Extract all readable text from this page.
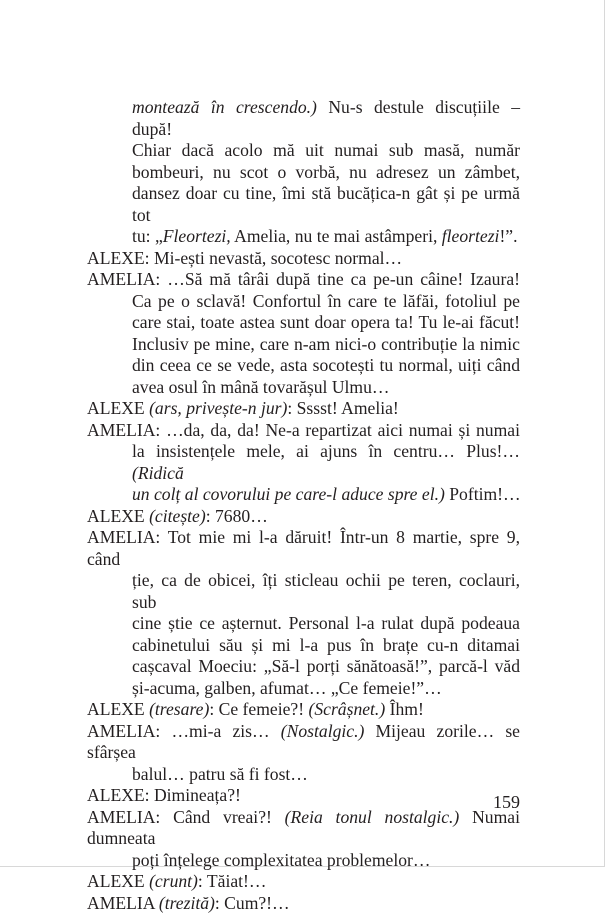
montează în crescendo.) Nu-s destule discuțiile – după!
Chiar dacă acolo mă uit numai sub masă, număr
bombeuri, nu scot o vorbă, nu adresez un zâmbet,
dansez doar cu tine, îmi stă bucățica-n gât și pe urmă tot
tu: „Fleortezi, Amelia, nu te mai astâmperi, fleortezi!”.
ALEXE: Mi-ești nevastă, socotesc normal…
AMELIA: …Să mă târâi după tine ca pe-un câine! Izaura!
Ca pe o sclavă! Confortul în care te lăfăi, fotoliul pe
care stai, toate astea sunt doar opera ta! Tu le-ai făcut!
Inclusiv pe mine, care n-am nici-o contribuție la nimic
din ceea ce se vede, asta socotești tu normal, uiți când
avea osul în mână tovarășul Ulmu…
ALEXE (ars, privește-n jur): Sssst! Amelia!
AMELIA: …da, da, da! Ne-a repartizat aici numai și numai
la insistențele mele, ai ajuns în centru… Plus!… (Ridică
un colț al covorului pe care-l aduce spre el.) Poftim!…
ALEXE (citește): 7680…
AMELIA: Tot mie mi l-a dăruit! Într-un 8 martie, spre 9, când
ție, ca de obicei, îți sticleau ochii pe teren, coclauri, sub
cine știe ce așternut. Personal l-a rulat după podeaua
cabinetului său și mi l-a pus în brațe cu-n ditamai
cașcaval Moeciu: „Să-l porți sănătoasă!”, parcă-l văd
și-acuma, galben, afumat… „Ce femeie!”…
ALEXE (tresare): Ce femeie?! (Scrâșnet.) Îhm!
AMELIA: …mi-a zis… (Nostalgic.) Mijeau zorile… se sfârșea
balul… patru să fi fost…
ALEXE: Dimineața?!
AMELIA: Când vreai?! (Reia tonul nostalgic.) Numai dumneata
poți înțelege complexitatea problemelor…
ALEXE (crunt): Tăiat!…
AMELIA (trezită): Cum?!…
159
